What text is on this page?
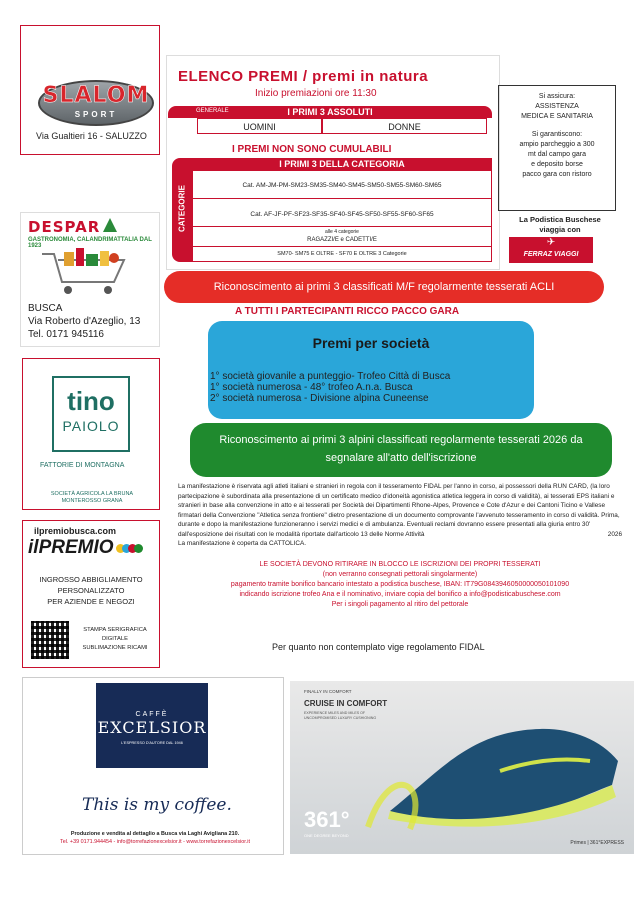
SLALOM
SPORT
Via Gualtieri 16 - SALUZZO
DESPAR
GASTRONOMIA, CALANDRIMATTALIA DAL 1923
BUSCA
Via Roberto d'Azeglio, 13
Tel. 0171 945116
tino
PAIOLO
FATTORIE DI MONTAGNA
SOCIETÀ AGRICOLA LA BRUNA
MONTEROSSO GRANA
ilpremiobusca.com
ilPREMIO
INGROSSO ABBIGLIAMENTO
PERSONALIZZATO
PER AZIENDE E NEGOZI
STAMPA SERIGRAFICA
DIGITALE
SUBLIMAZIONE RICAMI
CAFFÈ
EXCELSIOR
L'ESPRESSO D'AUTORE DAL 1946
This is my coffee.
Produzione e vendita al dettaglio a Busca via Laghi Avigliana 210.
Tel. +39 0171.944454 - info@torrefazionexcelsior.it - www.torrefazionexcelsior.it
FINALLY IN COMFORT
CRUISE IN COMFORT
EXPERIENCE MILES AND MILES OF UNCOMPROMISED LUXURY CUSHIONING
361°
ONE DEGREE BEYOND
Primes | 361°EXPRESS
ELENCO PREMI / premi in natura
Inizio premiazioni ore 11:30
GENERALE	I PRIMI 3 ASSOLUTI
UOMINI	DONNE
I PREMI NON SONO CUMULABILI
CATEGORIE
I PRIMI 3 DELLA CATEGORIA
Cat. AM-JM-PM-SM23-SM35-SM40-SM45-SM50-SM55-SM60-SM65
Cat. AF-JF-PF-SF23-SF35-SF40-SF45-SF50-SF55-SF60-SF65
alle 4 categorie
RAGAZZI/E e CADETTI/E
SM70- SM75 E OLTRE - SF70 E OLTRE 3 Categorie
Si assicura:
ASSISTENZA
MEDICA E SANITARIA
Si garantiscono:
ampio parcheggio a 300
mt dal campo gara
e deposito borse
pacco gara con ristoro
La Podistica Buschese
viaggia con
✈
FERRAZ VIAGGI
Riconoscimento ai primi 3 classificati M/F regolarmente tesserati ACLI
A TUTTI I PARTECIPANTI RICCO PACCO GARA
Premi per società
1° società giovanile a punteggio- Trofeo Città di Busca
1° società numerosa - 48° trofeo A.n.a. Busca
2° società numerosa - Divisione alpina Cuneense
Riconoscimento ai primi 3 alpini classificati regolarmente tesserati 2026 da
segnalare all'atto dell'iscrizione
La manifestazione è riservata agli atleti italiani e stranieri in regola con il tesseramento FIDAL per l'anno in corso, ai possessori della RUN CARD, (la loro partecipazione è subordinata alla presentazione di un certificato medico d'idoneità agonistica atletica leggera in corso di validità), ai tesserati EPS italiani e stranieri in base alla convenzione in atto e ai tesserati per Società dei Dipartimenti Rhone-Alpes, Provence e Cote d'Azur e dei Cantoni Ticino e Vallese firmatari della Convenzione "Atletica senza frontiere" dietro presentazione di un documento comprovante l'avvenuto tesseramento in corso di validità. Prima, durante e dopo la manifestazione funzioneranno i servizi medici e di ambulanza. Eventuali reclami dovranno essere presentati alla giuria entro 30' dall'esposizione dei risultati con le modalità riportate dall'articolo 13 delle Norme Attività	2026
La manifestazione è coperta da CATTOLICA.
LE SOCIETÀ DEVONO RITIRARE IN BLOCCO LE ISCRIZIONI DEI PROPRI TESSERATI
(non verranno consegnati pettorali singolarmente)
pagamento tramite bonifico bancario intestato a podistica buschese, IBAN: IT79G0843946050000050101090
indicando iscrizione trofeo Ana e il nominativo, inviare copia del bonifico a info@podisticabuschese.com
Per i singoli pagamento al ritiro del pettorale
Per quanto non contemplato vige regolamento FIDAL
